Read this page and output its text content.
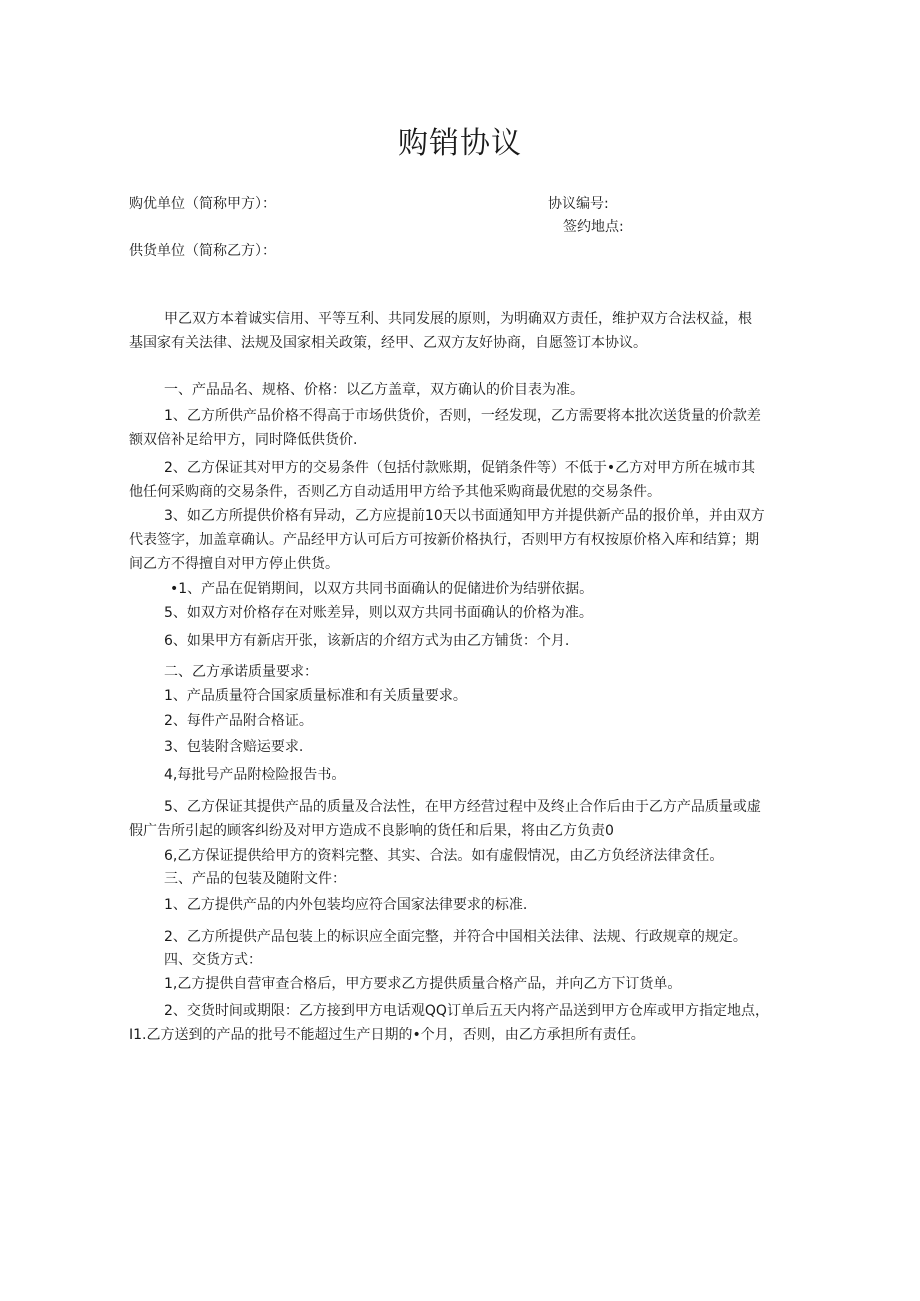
购销协议
购优单位（简称甲方）：	协议编号:
签约地点:
供货单位（简称乙方）：
甲乙双方本着诚实信用、平等互利、共同发展的原则，为明确双方责任，维护双方合法权益，根
基国家有关法律、法规及国家相关政策，经甲、乙双方友好协商，自愿签订本协议。
一、产品品名、规格、价格：以乙方盖章，双方确认的价目表为准。
1、乙方所供产品价格不得高于市场供货价，否则，一经发现，乙方需要将本批次送货量的价款差
额双倍补足给甲方，同时降低供货价.
2、乙方保证其对甲方的交易条件（包括付款账期，促销条件等）不低于•乙方对甲方所在城市其
他任何采购商的交易条件，否则乙方自动适用甲方给予其他采购商最优慰的交易条件。
3、如乙方所提供价格有异动，乙方应提前10天以书面通知甲方并提供新产品的报价单，并由双方
代表签字，加盖章确认。产品经甲方认可后方可按新价格执行，否则甲方有权按原价格入库和结算；期
间乙方不得擅自对甲方停止供货。
•1、产品在促销期间，以双方共同书面确认的促储进价为结骈依据。
5、如双方对价格存在对账差异，则以双方共同书面确认的价格为准。
6、如果甲方有新店开张，该新店的介绍方式为由乙方铺货：个月.
二、乙方承诺质量要求：
1、产品质量符合国家质量标准和有关质量要求。
2、每件产品附合格证。
3、包装附含赔运要求.
4,每批号产品附检险报告书。
5、乙方保证其提供产品的质量及合法性，在甲方经营过程中及终止合作后由于乙方产品质量或虚
假广告所引起的顾客纠纷及对甲方造成不良影响的货任和后果，将由乙方负责0
6,乙方保证提供给甲方的资料完整、其实、合法。如有虚假情况，由乙方负经济法律贪任。
三、产品的包装及随附文件：
1、乙方提供产品的内外包装均应符合国家法律要求的标准.
2、乙方所提供产品包装上的标识应全面完整，并符合中国相关法律、法规、行政规章的规定。
四、交货方式：
1,乙方提供自营审查合格后，甲方要求乙方提供质量合格产品，并向乙方下订货单。
2、交货时间或期限：乙方接到甲方电话观QQ订单后五天内将产品送到甲方仓库或甲方指定地点，
I1.乙方送到的产品的批号不能超过生产日期的•个月，否则，由乙方承担所有责任。
